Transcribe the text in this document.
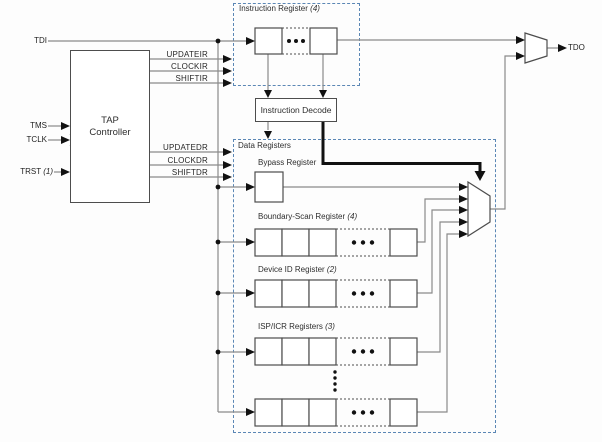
TAP
Controller
Instruction Decode
TDI
TMS
TCLK
TRST (1)
TDO
UPDATEIR
CLOCKIR
SHIFTIR
UPDATEDR
CLOCKDR
SHIFTDR
Instruction Register (4)
Data Registers
Bypass Register
Boundary-Scan Register (4)
Device ID Register (2)
ISP/ICR Registers (3)
